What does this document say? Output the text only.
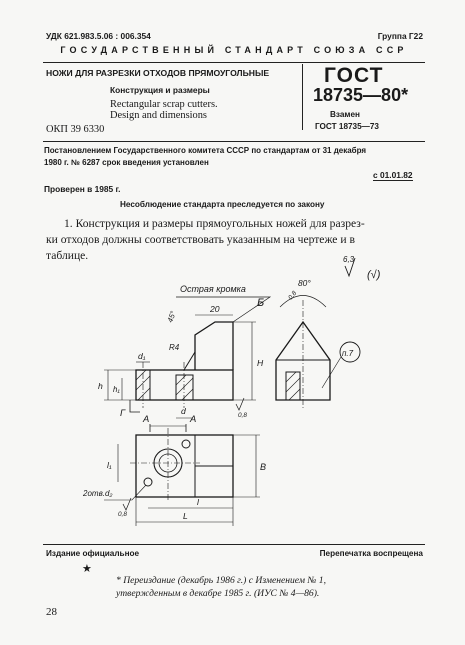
УДК 621.983.5.06 : 006.354	Группа Г22
ГОСУДАРСТВЕННЫЙ СТАНДАРТ СОЮЗА ССР
НОЖИ ДЛЯ РАЗРЕЗКИ ОТХОДОВ ПРЯМОУГОЛЬНЫЕ
Конструкция и размеры
Rectangular scrap cutters.
Design and dimensions
ОКП 39 6330
ГОСТ
18735—80*
Взамен
ГОСТ 18735—73
Постановлением Государственного комитета СССР по стандартам от 31 декабря
1980 г. № 6287 срок введения установлен
с 01.01.82
Проверен в 1985 г.
Несоблюдение стандарта преследуется по закону
1. Конструкция и размеры прямоугольных ножей для разрез-
ки отходов должны соответствовать указанным на чертеже и в
таблице.
Острая кромка
Б
20
45°
R4
d₁
h h₁
H
d
Г
А	А	0,8
0,8
0,8
6,3
(√)
80°
п.7
l₁	B
2отв.d₂
l
L
Издание официальное	Перепечатка воспрещена
★
* Переиздание (декабрь 1986 г.) с Изменением № 1,
утвержденным в декабре 1985 г. (ИУС № 4—86).
28
